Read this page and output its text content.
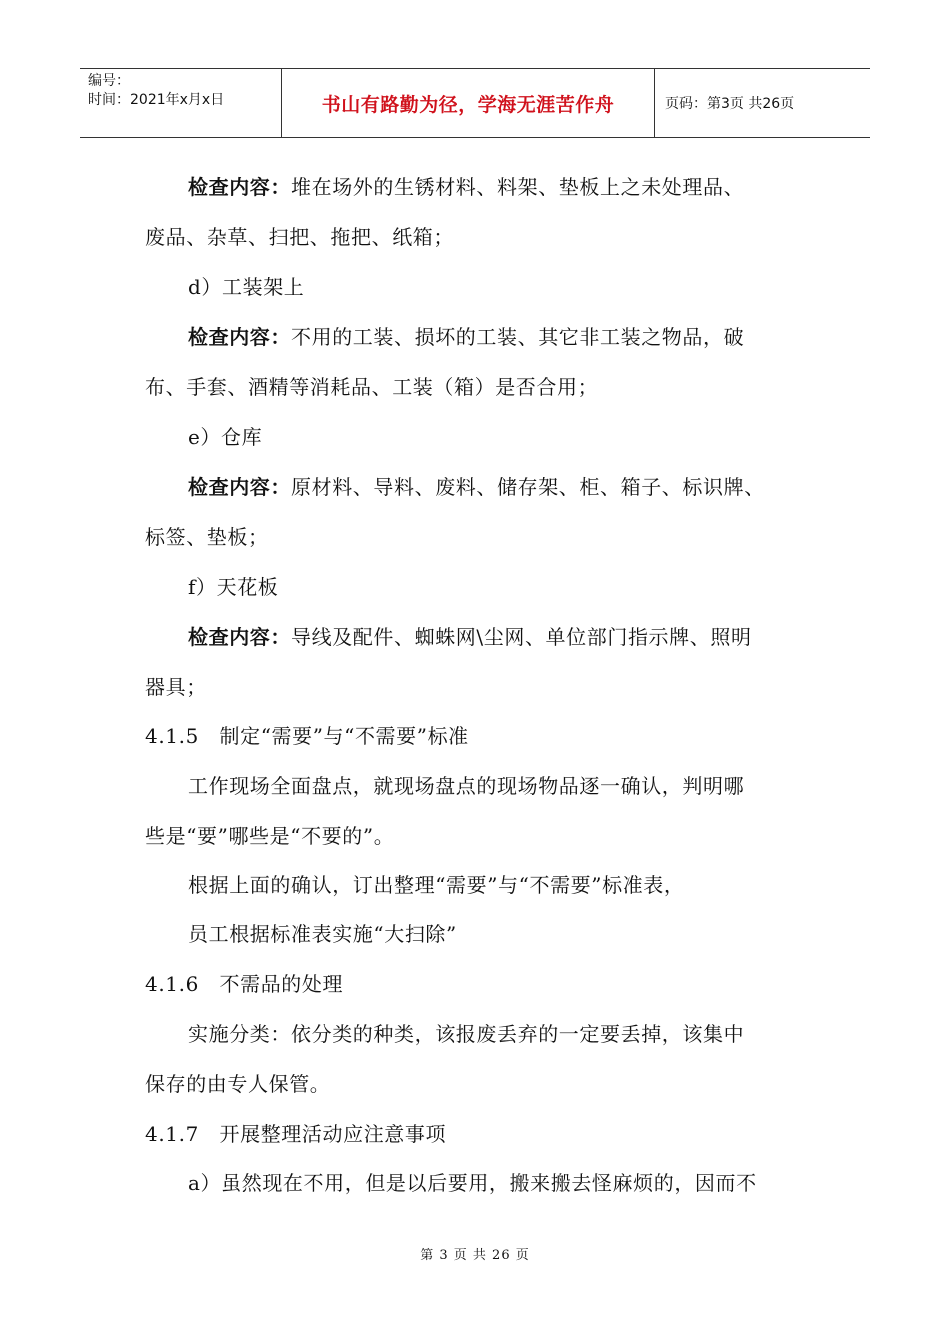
编号：
时间：2021年x月x日	书山有路勤为径，学海无涯苦作舟	页码：第3页 共26页
检查内容：堆在场外的生锈材料、料架、垫板上之未处理品、
废品、杂草、扫把、拖把、纸箱；
d）工装架上
检查内容：不用的工装、损坏的工装、其它非工装之物品，破
布、手套、酒精等消耗品、工装（箱）是否合用；
e）仓库
检查内容：原材料、导料、废料、储存架、柜、箱子、标识牌、
标签、垫板；
f）天花板
检查内容：导线及配件、蜘蛛网\尘网、单位部门指示牌、照明
器具；
4.1.5　制定“需要”与“不需要”标准
工作现场全面盘点，就现场盘点的现场物品逐一确认，判明哪
些是“要”哪些是“不要的”。
根据上面的确认，订出整理“需要”与“不需要”标准表，
员工根据标准表实施“大扫除”
4.1.6　不需品的处理
实施分类：依分类的种类，该报废丢弃的一定要丢掉，该集中
保存的由专人保管。
4.1.7　开展整理活动应注意事项
a）虽然现在不用，但是以后要用，搬来搬去怪麻烦的，因而不
第 3 页 共 26 页
